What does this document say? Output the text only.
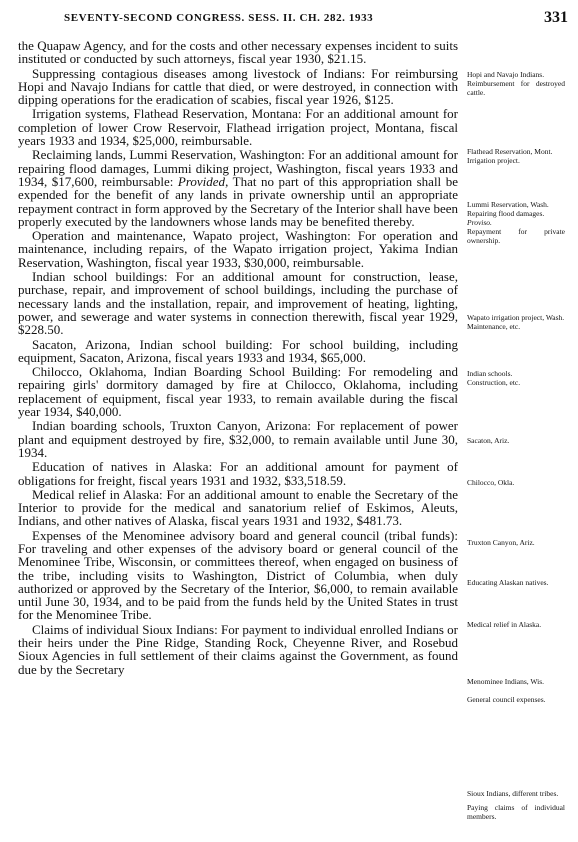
SEVENTY-SECOND CONGRESS. SESS. II. CH. 282. 1933	331

the Quapaw Agency, and for the costs and other necessary expenses incident to suits instituted or conducted by such attorneys, fiscal year 1930, $21.15.

Suppressing contagious diseases among livestock of Indians: For reimbursing Hopi and Navajo Indians for cattle that died, or were destroyed, in connection with dipping operations for the eradication of scabies, fiscal year 1926, $125.

Irrigation systems, Flathead Reservation, Montana: For an additional amount for completion of lower Crow Reservoir, Flathead irrigation project, Montana, fiscal years 1933 and 1934, $25,000, reimbursable.

Reclaiming lands, Lummi Reservation, Washington: For an additional amount for repairing flood damages, Lummi diking project, Washington, fiscal years 1933 and 1934, $17,600, reimbursable: Provided, That no part of this appropriation shall be expended for the benefit of any lands in private ownership until an appropriate repayment contract in form approved by the Secretary of the Interior shall have been properly executed by the landowners whose lands may be benefited thereby.

Operation and maintenance, Wapato project, Washington: For operation and maintenance, including repairs, of the Wapato irrigation project, Yakima Indian Reservation, Washington, fiscal year 1933, $30,000, reimbursable.

Indian school buildings: For an additional amount for construction, lease, purchase, repair, and improvement of school buildings, including the purchase of necessary lands and the installation, repair, and improvement of heating, lighting, power, and sewerage and water systems in connection therewith, fiscal year 1929, $228.50.

Sacaton, Arizona, Indian school building: For school building, including equipment, Sacaton, Arizona, fiscal years 1933 and 1934, $65,000.

Chilocco, Oklahoma, Indian Boarding School Building: For remodeling and repairing girls' dormitory damaged by fire at Chilocco, Oklahoma, including replacement of equipment, fiscal year 1933, to remain available during the fiscal year 1934, $40,000.

Indian boarding schools, Truxton Canyon, Arizona: For replacement of power plant and equipment destroyed by fire, $32,000, to remain available until June 30, 1934.

Education of natives in Alaska: For an additional amount for payment of obligations for freight, fiscal years 1931 and 1932, $33,518.59.

Medical relief in Alaska: For an additional amount to enable the Secretary of the Interior to provide for the medical and sanatorium relief of Eskimos, Aleuts, Indians, and other natives of Alaska, fiscal years 1931 and 1932, $481.73.

Expenses of the Menominee advisory board and general council (tribal funds): For traveling and other expenses of the advisory board or general council of the Menominee Tribe, Wisconsin, or committees thereof, when engaged on business of the tribe, including visits to Washington, District of Columbia, when duly authorized or approved by the Secretary of the Interior, $6,000, to remain available until June 30, 1934, and to be paid from the funds held by the United States in trust for the Menominee Tribe.

Claims of individual Sioux Indians: For payment to individual enrolled Indians or their heirs under the Pine Ridge, Standing Rock, Cheyenne River, and Rosebud Sioux Agencies in full settlement of their claims against the Government, as found due by the Secretary

Hopi and Navajo Indians.
Reimbursement for destroyed cattle.
Flathead Reservation, Mont.
Irrigation project.
Lummi Reservation, Wash.
Repairing flood damages.
Proviso.
Repayment for private ownership.
Wapato irrigation project, Wash.
Maintenance, etc.
Indian schools.
Construction, etc.
Sacaton, Ariz.
Chilocco, Okla.
Truxton Canyon, Ariz.
Educating Alaskan natives.
Medical relief in Alaska.
Menominee Indians, Wis.
General council expenses.
Sioux Indians, different tribes.
Paying claims of individual members.
